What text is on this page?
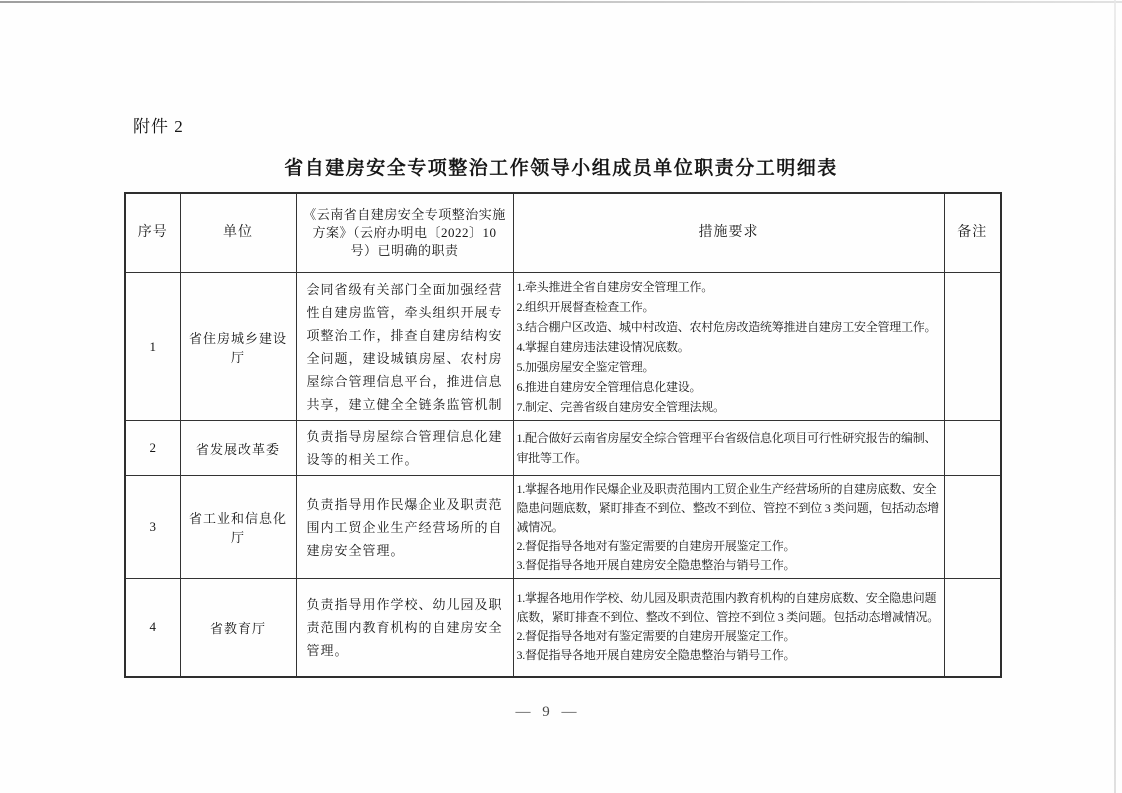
附件 2
省自建房安全专项整治工作领导小组成员单位职责分工明细表
序号	单位	《云南省自建房安全专项整治实施方案》（云府办明电〔2022〕10 号）已明确的职责	措施要求	备注
1	省住房城乡建设厅	会同省级有关部门全面加强经营性自建房监管，牵头组织开展专项整治工作，排查自建房结构安全问题，建设城镇房屋、农村房屋综合管理信息平台，推进信息共享，建立健全全链条监管机制	
1.牵头推进全省自建房安全管理工作。
2.组织开展督查检查工作。
3.结合棚户区改造、城中村改造、农村危房改造统筹推进自建房工安全管理工作。
4.掌握自建房违法建设情况底数。
5.加强房屋安全鉴定管理。
6.推进自建房安全管理信息化建设。
7.制定、完善省级自建房安全管理法规。

2	省发展改革委	负责指导房屋综合管理信息化建设等的相关工作。	1.配合做好云南省房屋安全综合管理平台省级信息化项目可行性研究报告的编制、审批等工作。	

3	省工业和信息化厅	负责指导用作民爆企业及职责范围内工贸企业生产经营场所的自建房安全管理。	1.掌握各地用作民爆企业及职责范围内工贸企业生产经营场所的自建房底数、安全隐患问题底数，紧盯排查不到位、整改不到位、管控不到位 3 类问题，包括动态增减情况。
2.督促指导各地对有鉴定需要的自建房开展鉴定工作。
3.督促指导各地开展自建房安全隐患整治与销号工作。	

4	省教育厅	负责指导用作学校、幼儿园及职责范围内教育机构的自建房安全管理。	1.掌握各地用作学校、幼儿园及职责范围内教育机构的自建房底数、安全隐患问题底数，紧盯排查不到位、整改不到位、管控不到位 3 类问题。包括动态增减情况。
2.督促指导各地对有鉴定需要的自建房开展鉴定工作。
3.督促指导各地开展自建房安全隐患整治与销号工作。	

— 9 —
